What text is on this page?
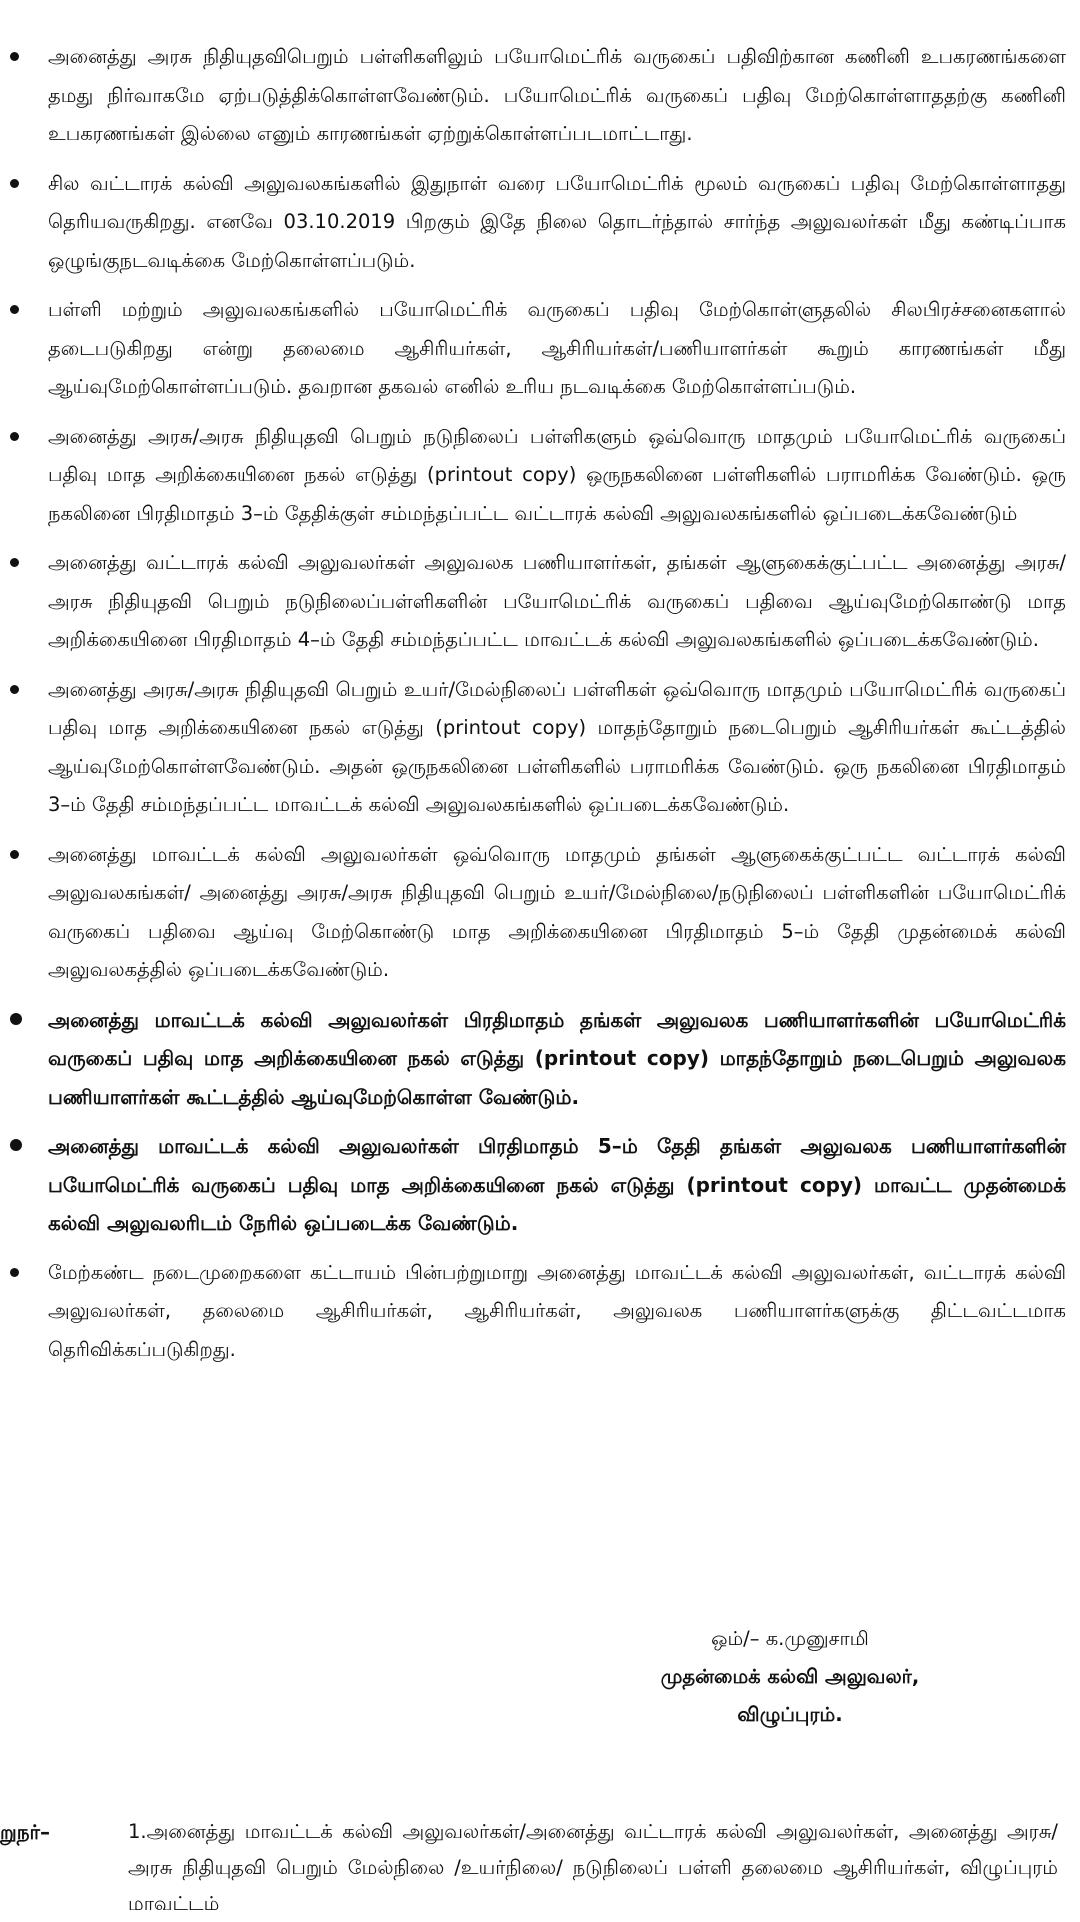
அனைத்து அரசு நிதியுதவிபெறும் பள்ளிகளிலும் பயோமெட்ரிக் வருகைப் பதிவிற்கான கணினி உபகரணங்களை தமது நிர்வாகமே ஏற்படுத்திக்கொள்ளவேண்டும். பயோமெட்ரிக் வருகைப் பதிவு மேற்கொள்ளாததற்கு கணினி உபகரணங்கள் இல்லை எனும் காரணங்கள் ஏற்றுக்கொள்ளப்படமாட்டாது.
சில வட்டாரக் கல்வி அலுவலகங்களில் இதுநாள் வரை பயோமெட்ரிக் மூலம் வருகைப் பதிவு மேற்கொள்ளாதது தெரியவருகிறது. எனவே 03.10.2019 பிறகும் இதே நிலை தொடர்ந்தால் சார்ந்த அலுவலர்கள் மீது கண்டிப்பாக ஒழுங்குநடவடிக்கை மேற்கொள்ளப்படும்.
பள்ளி மற்றும் அலுவலகங்களில் பயோமெட்ரிக் வருகைப் பதிவு மேற்கொள்ளுதலில் சிலபிரச்சனைகளால் தடைபடுகிறது என்று தலைமை ஆசிரியர்கள், ஆசிரியர்கள்/பணியாளர்கள் கூறும் காரணங்கள் மீது ஆய்வுமேற்கொள்ளப்படும். தவறான தகவல் எனில் உரிய நடவடிக்கை மேற்கொள்ளப்படும்.
அனைத்து அரசு/அரசு நிதியுதவி பெறும் நடுநிலைப் பள்ளிகளும் ஒவ்வொரு மாதமும் பயோமெட்ரிக் வருகைப் பதிவு மாத அறிக்கையினை நகல் எடுத்து (printout copy) ஒருநகலினை பள்ளிகளில் பராமரிக்க வேண்டும். ஒரு நகலினை பிரதிமாதம் 3–ம் தேதிக்குள் சம்மந்தப்பட்ட வட்டாரக் கல்வி அலுவலகங்களில் ஒப்படைக்கவேண்டும்
அனைத்து வட்டாரக் கல்வி அலுவலர்கள் அலுவலக பணியாளர்கள், தங்கள் ஆளுகைக்குட்பட்ட அனைத்து அரசு/அரசு நிதியுதவி பெறும் நடுநிலைப்பள்ளிகளின் பயோமெட்ரிக் வருகைப் பதிவை ஆய்வுமேற்கொண்டு மாத அறிக்கையினை பிரதிமாதம் 4–ம் தேதி சம்மந்தப்பட்ட மாவட்டக் கல்வி அலுவலகங்களில் ஒப்படைக்கவேண்டும்.
அனைத்து அரசு/அரசு நிதியுதவி பெறும் உயர்/மேல்நிலைப் பள்ளிகள் ஒவ்வொரு மாதமும் பயோமெட்ரிக் வருகைப் பதிவு மாத அறிக்கையினை நகல் எடுத்து (printout copy) மாதந்தோறும் நடைபெறும் ஆசிரியர்கள் கூட்டத்தில் ஆய்வுமேற்கொள்ளவேண்டும். அதன் ஒருநகலினை பள்ளிகளில் பராமரிக்க வேண்டும். ஒரு நகலினை பிரதிமாதம் 3–ம் தேதி சம்மந்தப்பட்ட மாவட்டக் கல்வி அலுவலகங்களில் ஒப்படைக்கவேண்டும்.
அனைத்து மாவட்டக் கல்வி அலுவலர்கள் ஒவ்வொரு மாதமும் தங்கள் ஆளுகைக்குட்பட்ட வட்டாரக் கல்வி அலுவலகங்கள்/ அனைத்து அரசு/அரசு நிதியுதவி பெறும் உயர்/மேல்நிலை/நடுநிலைப் பள்ளிகளின் பயோமெட்ரிக் வருகைப் பதிவை ஆய்வு மேற்கொண்டு மாத அறிக்கையினை பிரதிமாதம் 5–ம் தேதி முதன்மைக் கல்வி அலுவலகத்தில் ஒப்படைக்கவேண்டும்.
அனைத்து மாவட்டக் கல்வி அலுவலர்கள் பிரதிமாதம் தங்கள் அலுவலக பணியாளர்களின் பயோமெட்ரிக் வருகைப் பதிவு மாத அறிக்கையினை நகல் எடுத்து (printout copy) மாதந்தோறும் நடைபெறும் அலுவலக பணியாளர்கள் கூட்டத்தில் ஆய்வுமேற்கொள்ள வேண்டும்.
அனைத்து மாவட்டக் கல்வி அலுவலர்கள் பிரதிமாதம் 5–ம் தேதி தங்கள் அலுவலக பணியாளர்களின் பயோமெட்ரிக் வருகைப் பதிவு மாத அறிக்கையினை நகல் எடுத்து (printout copy) மாவட்ட முதன்மைக் கல்வி அலுவலரிடம் நேரில் ஒப்படைக்க வேண்டும்.
மேற்கண்ட நடைமுறைகளை கட்டாயம் பின்பற்றுமாறு அனைத்து மாவட்டக் கல்வி அலுவலர்கள், வட்டாரக் கல்வி அலுவலர்கள், தலைமை ஆசிரியர்கள், ஆசிரியர்கள், அலுவலக பணியாளர்களுக்கு திட்டவட்டமாக தெரிவிக்கப்படுகிறது.
ஒம்/– க.முனுசாமி
முதன்மைக் கல்வி அலுவலர்,
விழுப்புரம்.
றுநர்–	1.அனைத்து மாவட்டக் கல்வி அலுவலர்கள்/அனைத்து வட்டாரக் கல்வி அலுவலர்கள், அனைத்து அரசு/அரசு நிதியுதவி பெறும் மேல்நிலை /உயர்நிலை/ நடுநிலைப் பள்ளி தலைமை ஆசிரியர்கள், விழுப்புரம் மாவட்டம்
